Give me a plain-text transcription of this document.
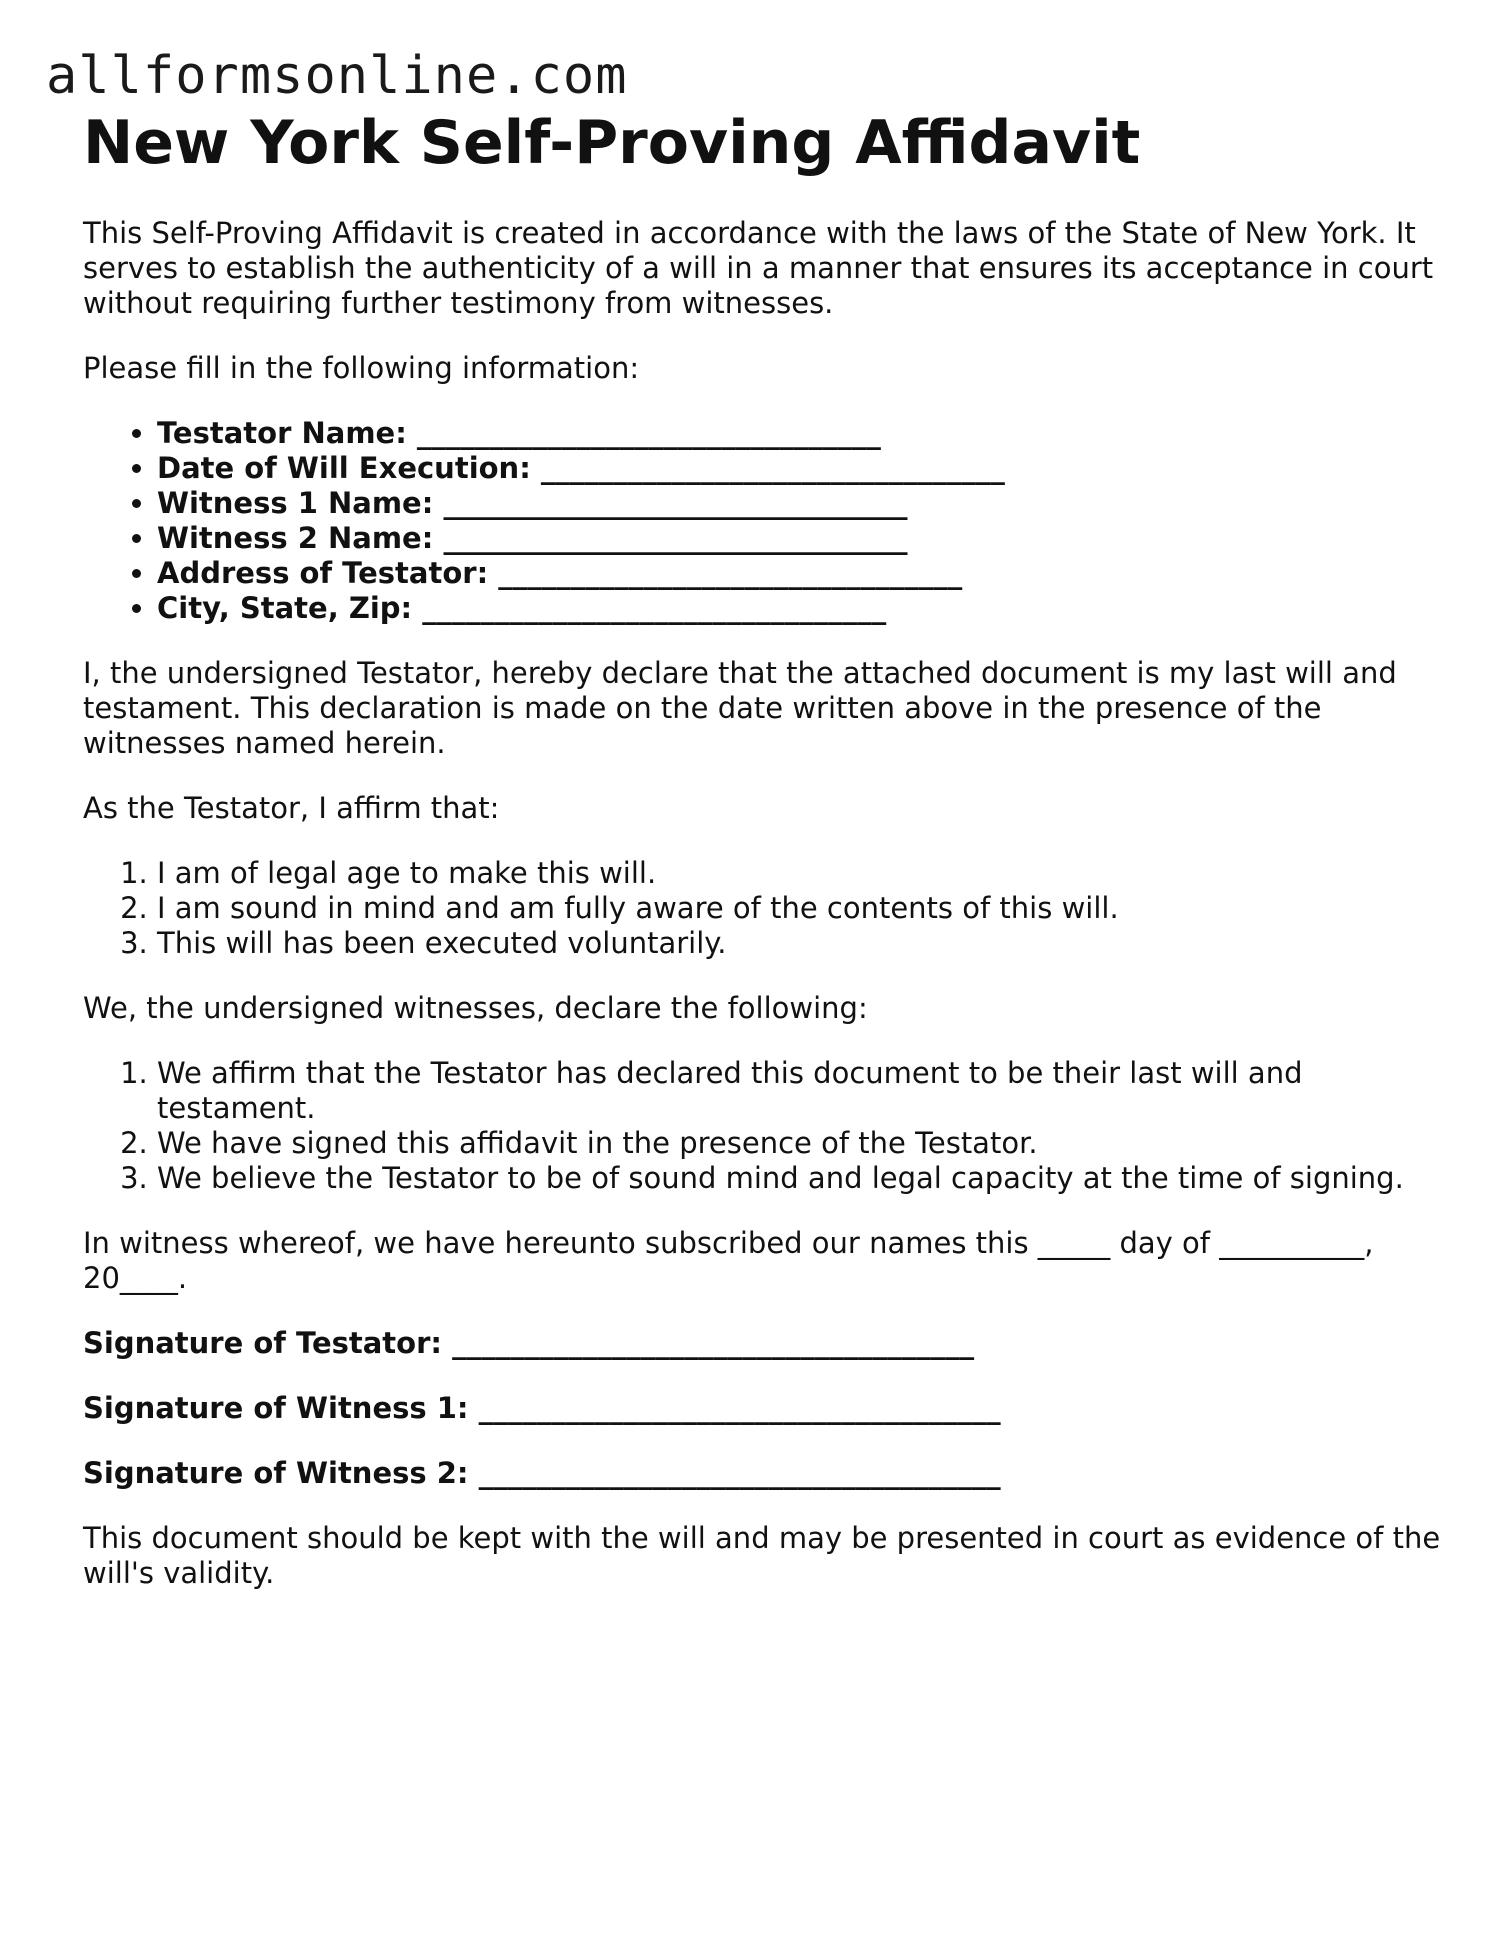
allformsonline.com
New York Self-Proving Affidavit

This Self-Proving Affidavit is created in accordance with the laws of the State of New York. It serves to establish the authenticity of a will in a manner that ensures its acceptance in court without requiring further testimony from witnesses.

Please fill in the following information:

• Testator Name: ________________________________
• Date of Will Execution: ________________________________
• Witness 1 Name: ________________________________
• Witness 2 Name: ________________________________
• Address of Testator: ________________________________
• City, State, Zip: ________________________________

I, the undersigned Testator, hereby declare that the attached document is my last will and testament. This declaration is made on the date written above in the presence of the witnesses named herein.

As the Testator, I affirm that:

1. I am of legal age to make this will.
2. I am sound in mind and am fully aware of the contents of this will.
3. This will has been executed voluntarily.

We, the undersigned witnesses, declare the following:

1. We affirm that the Testator has declared this document to be their last will and testament.
2. We have signed this affidavit in the presence of the Testator.
3. We believe the Testator to be of sound mind and legal capacity at the time of signing.

In witness whereof, we have hereunto subscribed our names this _____ day of __________, 20____.

Signature of Testator: ____________________________________

Signature of Witness 1: ____________________________________

Signature of Witness 2: ____________________________________

This document should be kept with the will and may be presented in court as evidence of the will's validity.
